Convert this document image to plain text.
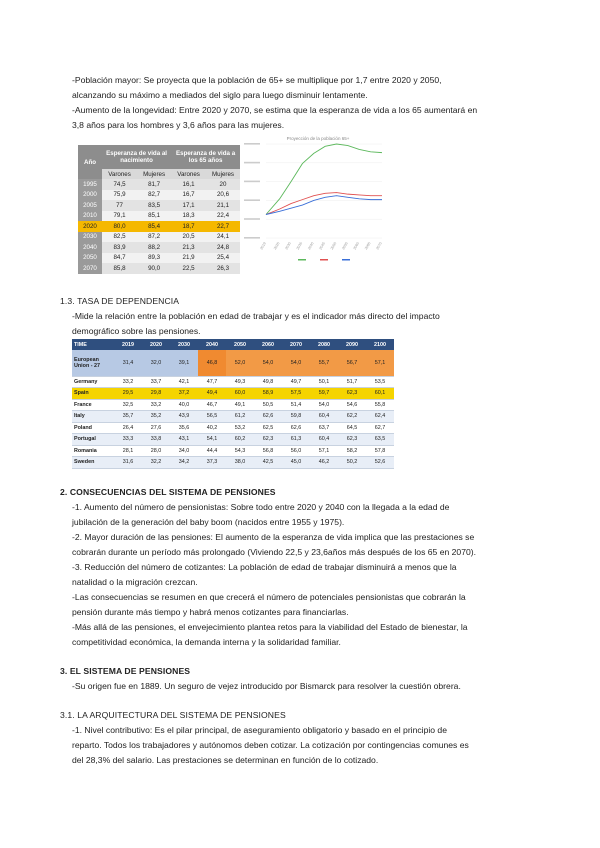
-Población mayor: Se proyecta que la población de 65+ se multiplique por 1,7 entre 2020 y 2050,
alcanzando su máximo a mediados del siglo para luego disminuir lentamente.
-Aumento de la longevidad: Entre 2020 y 2070, se estima que la esperanza de vida a los 65 aumentará en
3,8 años para los hombres y 3,6 años para las mujeres.
Año	Esperanza de vida al nacimiento		Esperanza de vida a los 65 años	
	Varones	Mujeres	Varones	Mujeres
1995	74,5	81,7	16,1	20
2000	75,9	82,7	16,7	20,6
2005	77	83,5	17,1	21,1
2010	79,1	85,1	18,3	22,4
2020	80,0	85,4	18,7	22,7
2030	82,5	87,2	20,5	24,1
2040	83,9	88,2	21,3	24,8
2050	84,7	89,3	21,9	25,4
2070	85,8	90,0	22,5	26,3
Proyección de la población 65+
2019 2025 2030 2035 2040 2045 2050 2055 2060 2065 2070
1.3. TASA DE DEPENDENCIA
-Mide la relación entre la población en edad de trabajar y es el indicador más directo del impacto
demográfico sobre las pensiones.
TIME	2019	2020	2030	2040	2050	2060	2070	2080	2090	2100
European Union - 27	31,4	32,0	39,1	46,8	52,0	54,0	54,0	55,7	56,7	57,1
Germany	33,2	33,7	42,1	47,7	49,3	49,8	49,7	50,1	51,7	53,5
Spain	29,5	29,8	37,2	49,4	60,0	58,9	57,5	59,7	62,3	60,1
France	32,5	33,2	40,0	46,7	49,1	50,5	51,4	54,0	54,6	55,8
Italy	35,7	35,2	43,9	56,5	61,2	62,6	59,8	60,4	62,2	62,4
Poland	26,4	27,6	35,6	40,2	53,2	62,5	62,6	63,7	64,5	62,7
Portugal	33,3	33,8	43,1	54,1	60,2	62,3	61,3	60,4	62,3	63,5
Romania	28,1	28,0	34,0	44,4	54,3	56,8	56,0	57,1	58,2	57,8
Sweden	31,6	32,2	34,2	37,3	38,0	42,5	45,0	46,2	50,2	52,6
2. CONSECUENCIAS DEL SISTEMA DE PENSIONES
-1. Aumento del número de pensionistas: Sobre todo entre 2020 y 2040 con la llegada a la edad de
jubilación de la generación del baby boom (nacidos entre 1955 y 1975).
-2. Mayor duración de las pensiones: El aumento de la esperanza de vida implica que las prestaciones se
cobrarán durante un período más prolongado (Viviendo 22,5 y 23,6años más después de los 65 en 2070).
-3. Reducción del número de cotizantes: La población de edad de trabajar disminuirá a menos que la
natalidad o la migración crezcan.
-Las consecuencias se resumen en que crecerá el número de potenciales pensionistas que cobrarán la
pensión durante más tiempo y habrá menos cotizantes para financiarlas.
-Más allá de las pensiones, el envejecimiento plantea retos para la viabilidad del Estado de bienestar, la
competitividad económica, la demanda interna y la solidaridad familiar.
3. EL SISTEMA DE PENSIONES
-Su origen fue en 1889. Un seguro de vejez introducido por Bismarck para resolver la cuestión obrera.
3.1. LA ARQUITECTURA DEL SISTEMA DE PENSIONES
-1. Nivel contributivo: Es el pilar principal, de aseguramiento obligatorio y basado en el principio de
reparto. Todos los trabajadores y autónomos deben cotizar. La cotización por contingencias comunes es
del 28,3% del salario. Las prestaciones se determinan en función de lo cotizado.
